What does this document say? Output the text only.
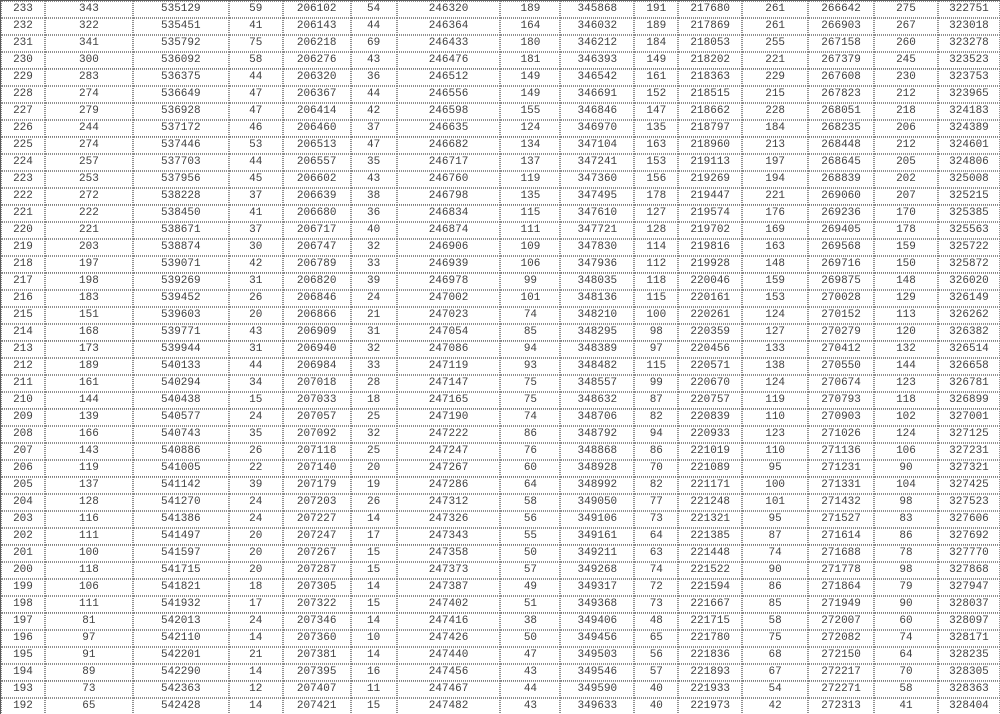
233	343	535129	59	206102	54	246320	189	345868	191	217680	261	266642	275	322751
232	322	535451	41	206143	44	246364	164	346032	189	217869	261	266903	267	323018
231	341	535792	75	206218	69	246433	180	346212	184	218053	255	267158	260	323278
230	300	536092	58	206276	43	246476	181	346393	149	218202	221	267379	245	323523
229	283	536375	44	206320	36	246512	149	346542	161	218363	229	267608	230	323753
228	274	536649	47	206367	44	246556	149	346691	152	218515	215	267823	212	323965
227	279	536928	47	206414	42	246598	155	346846	147	218662	228	268051	218	324183
226	244	537172	46	206460	37	246635	124	346970	135	218797	184	268235	206	324389
225	274	537446	53	206513	47	246682	134	347104	163	218960	213	268448	212	324601
224	257	537703	44	206557	35	246717	137	347241	153	219113	197	268645	205	324806
223	253	537956	45	206602	43	246760	119	347360	156	219269	194	268839	202	325008
222	272	538228	37	206639	38	246798	135	347495	178	219447	221	269060	207	325215
221	222	538450	41	206680	36	246834	115	347610	127	219574	176	269236	170	325385
220	221	538671	37	206717	40	246874	111	347721	128	219702	169	269405	178	325563
219	203	538874	30	206747	32	246906	109	347830	114	219816	163	269568	159	325722
218	197	539071	42	206789	33	246939	106	347936	112	219928	148	269716	150	325872
217	198	539269	31	206820	39	246978	99	348035	118	220046	159	269875	148	326020
216	183	539452	26	206846	24	247002	101	348136	115	220161	153	270028	129	326149
215	151	539603	20	206866	21	247023	74	348210	100	220261	124	270152	113	326262
214	168	539771	43	206909	31	247054	85	348295	98	220359	127	270279	120	326382
213	173	539944	31	206940	32	247086	94	348389	97	220456	133	270412	132	326514
212	189	540133	44	206984	33	247119	93	348482	115	220571	138	270550	144	326658
211	161	540294	34	207018	28	247147	75	348557	99	220670	124	270674	123	326781
210	144	540438	15	207033	18	247165	75	348632	87	220757	119	270793	118	326899
209	139	540577	24	207057	25	247190	74	348706	82	220839	110	270903	102	327001
208	166	540743	35	207092	32	247222	86	348792	94	220933	123	271026	124	327125
207	143	540886	26	207118	25	247247	76	348868	86	221019	110	271136	106	327231
206	119	541005	22	207140	20	247267	60	348928	70	221089	95	271231	90	327321
205	137	541142	39	207179	19	247286	64	348992	82	221171	100	271331	104	327425
204	128	541270	24	207203	26	247312	58	349050	77	221248	101	271432	98	327523
203	116	541386	24	207227	14	247326	56	349106	73	221321	95	271527	83	327606
202	111	541497	20	207247	17	247343	55	349161	64	221385	87	271614	86	327692
201	100	541597	20	207267	15	247358	50	349211	63	221448	74	271688	78	327770
200	118	541715	20	207287	15	247373	57	349268	74	221522	90	271778	98	327868
199	106	541821	18	207305	14	247387	49	349317	72	221594	86	271864	79	327947
198	111	541932	17	207322	15	247402	51	349368	73	221667	85	271949	90	328037
197	81	542013	24	207346	14	247416	38	349406	48	221715	58	272007	60	328097
196	97	542110	14	207360	10	247426	50	349456	65	221780	75	272082	74	328171
195	91	542201	21	207381	14	247440	47	349503	56	221836	68	272150	64	328235
194	89	542290	14	207395	16	247456	43	349546	57	221893	67	272217	70	328305
193	73	542363	12	207407	11	247467	44	349590	40	221933	54	272271	58	328363
192	65	542428	14	207421	15	247482	43	349633	40	221973	42	272313	41	328404
